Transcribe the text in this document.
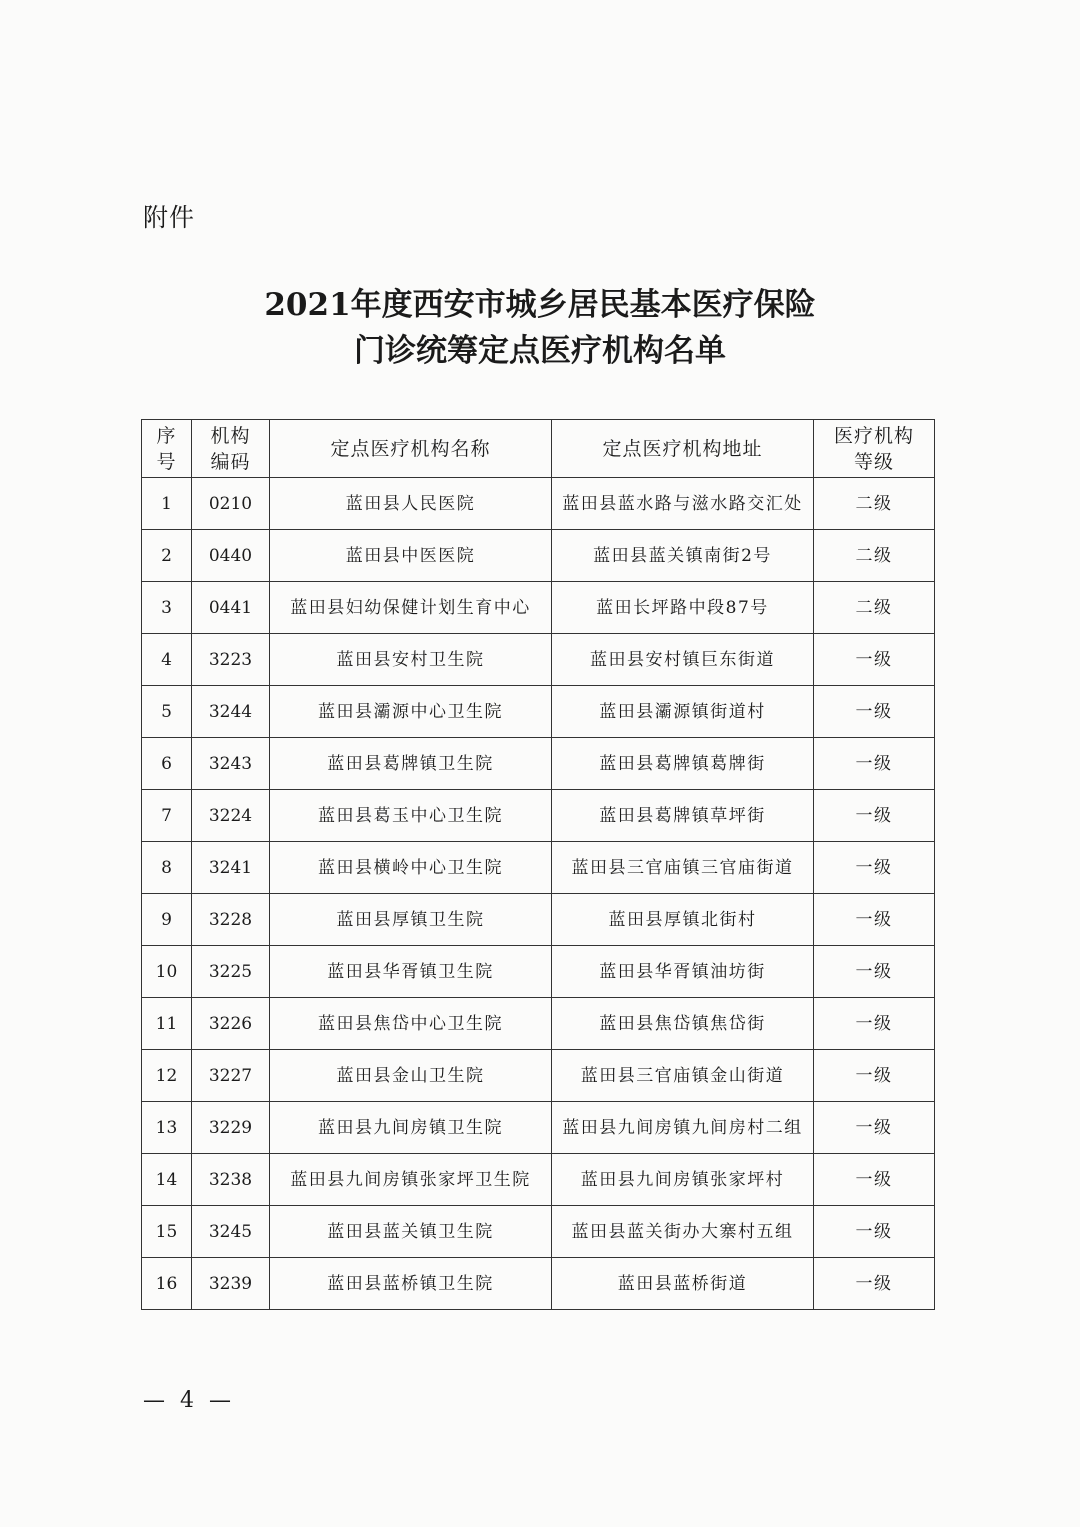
附件
2021年度西安市城乡居民基本医疗保险
门诊统筹定点医疗机构名单
序号	机构编码	定点医疗机构名称	定点医疗机构地址	医疗机构等级
1	0210	蓝田县人民医院	蓝田县蓝水路与滋水路交汇处	二级
2	0440	蓝田县中医医院	蓝田县蓝关镇南街2号	二级
3	0441	蓝田县妇幼保健计划生育中心	蓝田长坪路中段87号	二级
4	3223	蓝田县安村卫生院	蓝田县安村镇巨东街道	一级
5	3244	蓝田县灞源中心卫生院	蓝田县灞源镇街道村	一级
6	3243	蓝田县葛牌镇卫生院	蓝田县葛牌镇葛牌街	一级
7	3224	蓝田县葛玉中心卫生院	蓝田县葛牌镇草坪街	一级
8	3241	蓝田县横岭中心卫生院	蓝田县三官庙镇三官庙街道	一级
9	3228	蓝田县厚镇卫生院	蓝田县厚镇北街村	一级
10	3225	蓝田县华胥镇卫生院	蓝田县华胥镇油坊街	一级
11	3226	蓝田县焦岱中心卫生院	蓝田县焦岱镇焦岱街	一级
12	3227	蓝田县金山卫生院	蓝田县三官庙镇金山街道	一级
13	3229	蓝田县九间房镇卫生院	蓝田县九间房镇九间房村二组	一级
14	3238	蓝田县九间房镇张家坪卫生院	蓝田县九间房镇张家坪村	一级
15	3245	蓝田县蓝关镇卫生院	蓝田县蓝关街办大寨村五组	一级
16	3239	蓝田县蓝桥镇卫生院	蓝田县蓝桥街道	一级
— 4 —
